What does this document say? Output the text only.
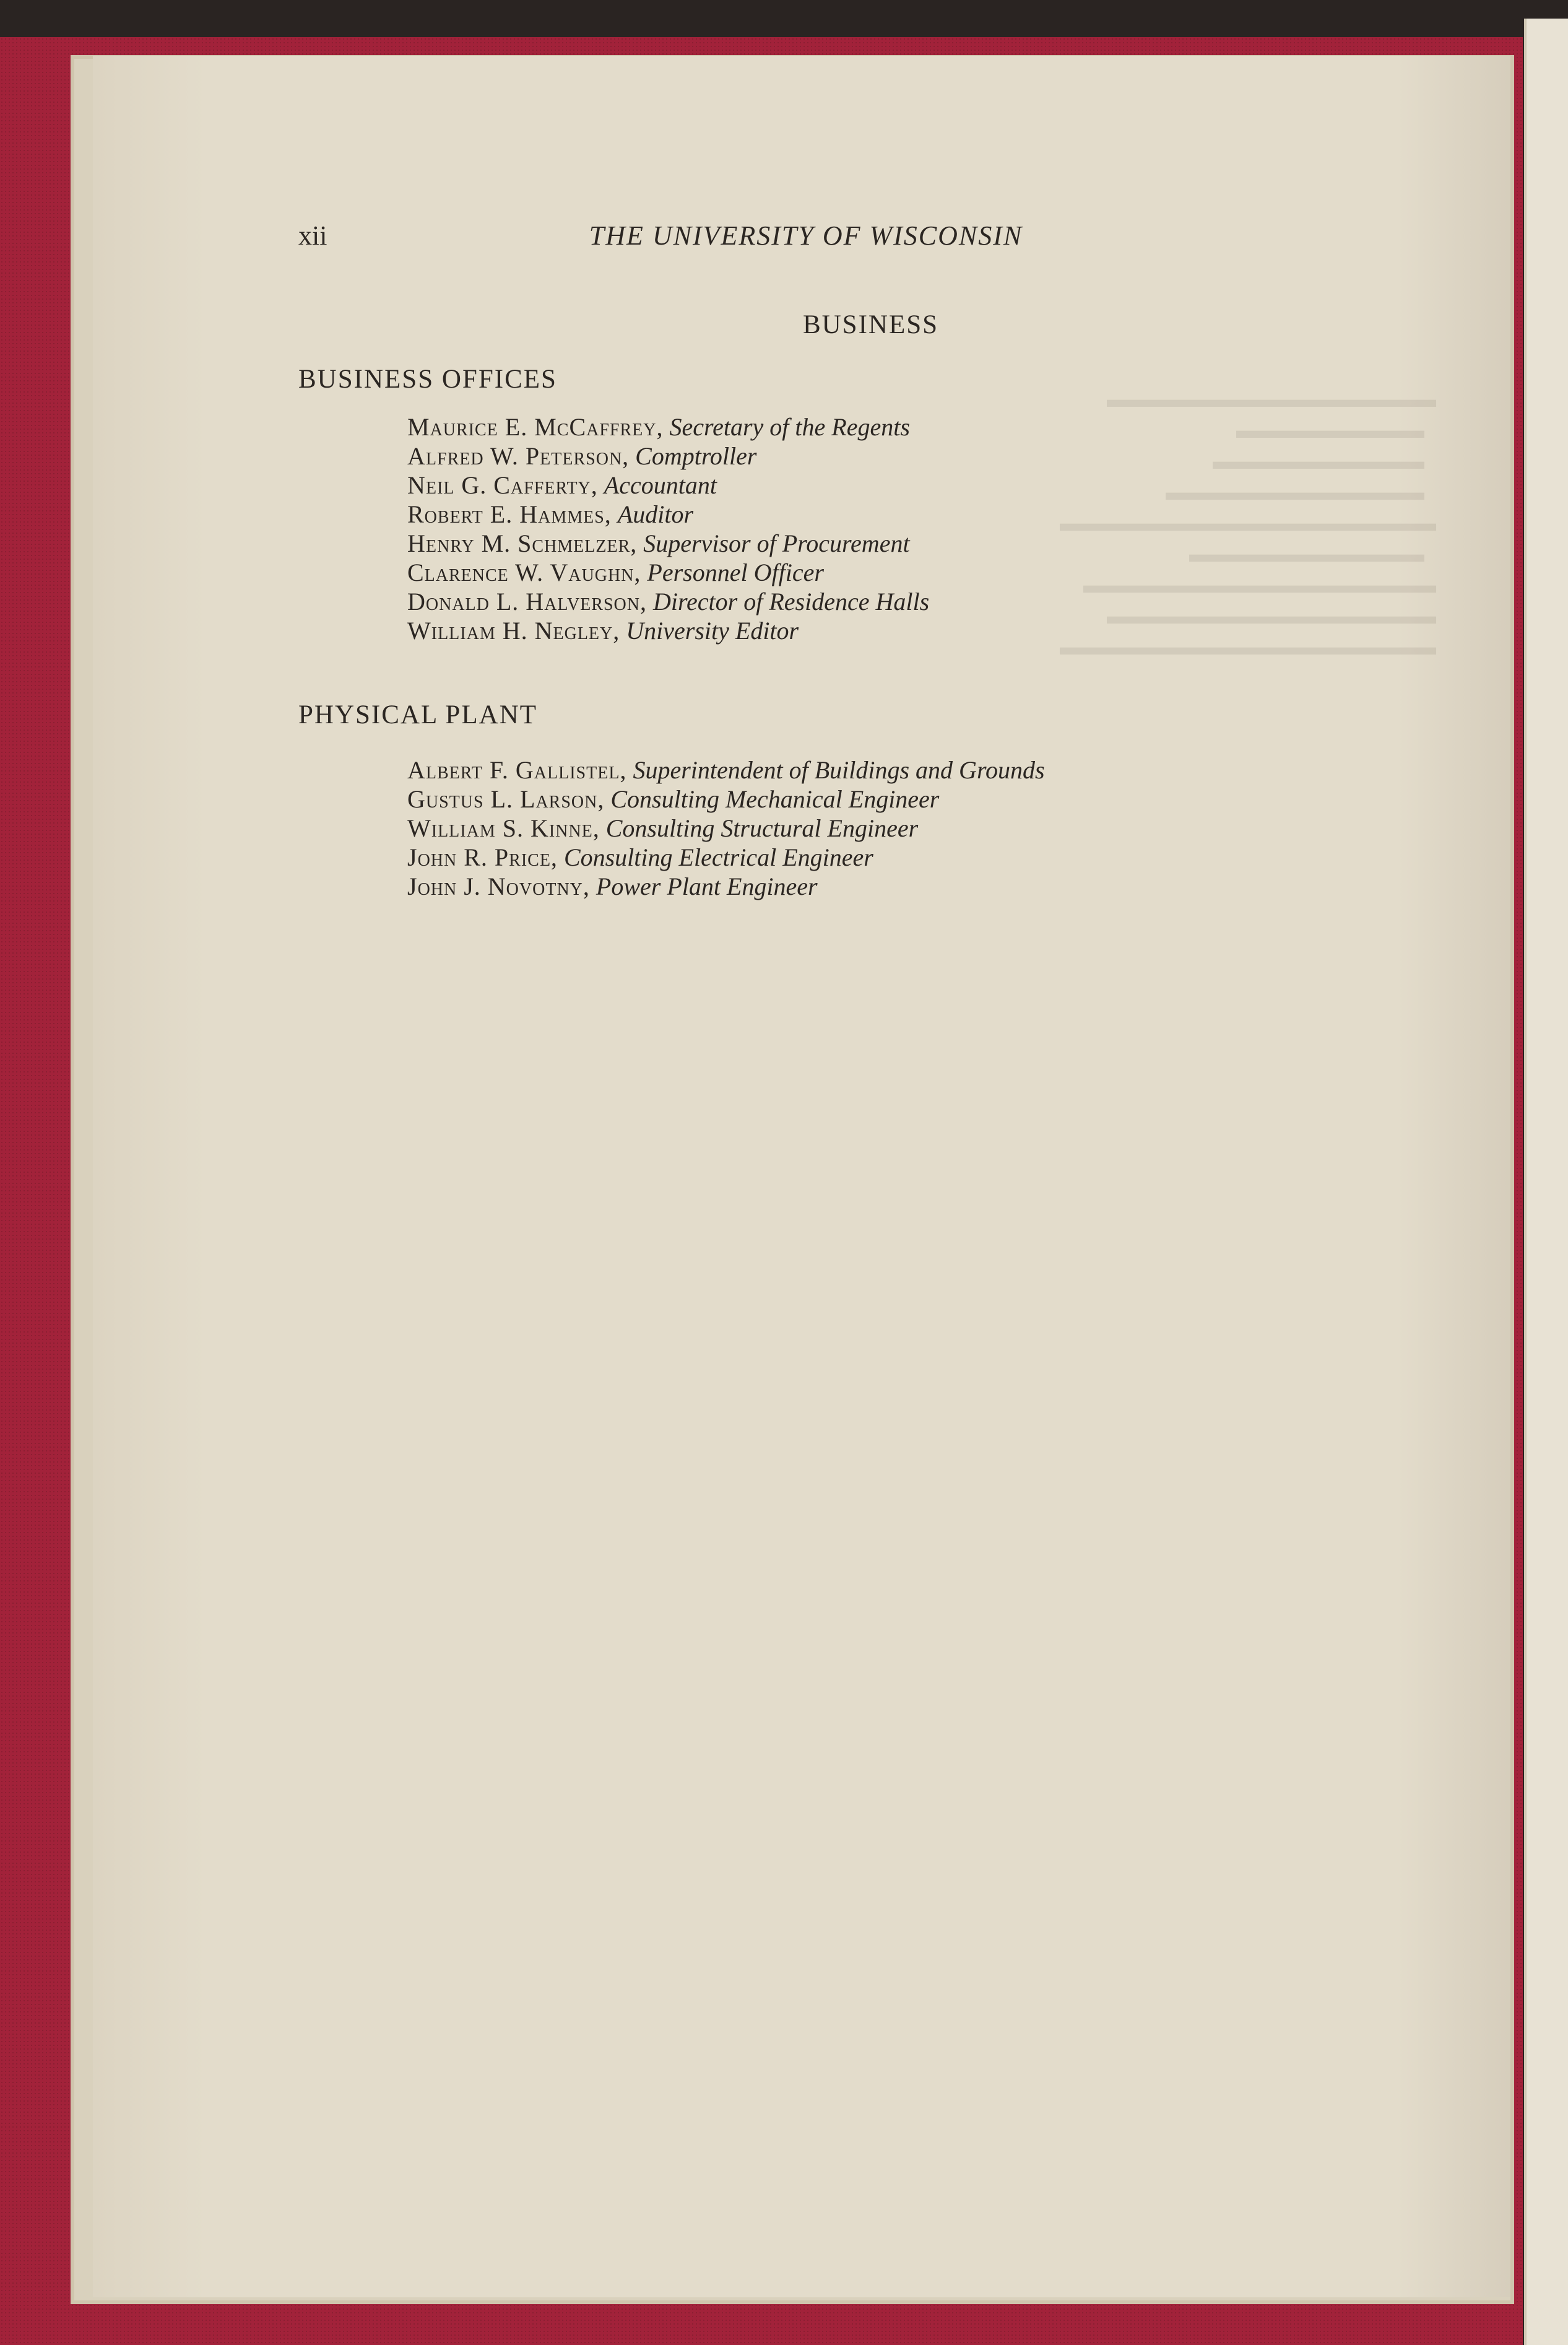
xii	THE UNIVERSITY OF WISCONSIN
BUSINESS
BUSINESS OFFICES
Maurice E. McCaffrey, Secretary of the Regents
Alfred W. Peterson, Comptroller
Neil G. Cafferty, Accountant
Robert E. Hammes, Auditor
Henry M. Schmelzer, Supervisor of Procurement
Clarence W. Vaughn, Personnel Officer
Donald L. Halverson, Director of Residence Halls
William H. Negley, University Editor
PHYSICAL PLANT
Albert F. Gallistel, Superintendent of Buildings and Grounds
Gustus L. Larson, Consulting Mechanical Engineer
William S. Kinne, Consulting Structural Engineer
John R. Price, Consulting Electrical Engineer
John J. Novotny, Power Plant Engineer
